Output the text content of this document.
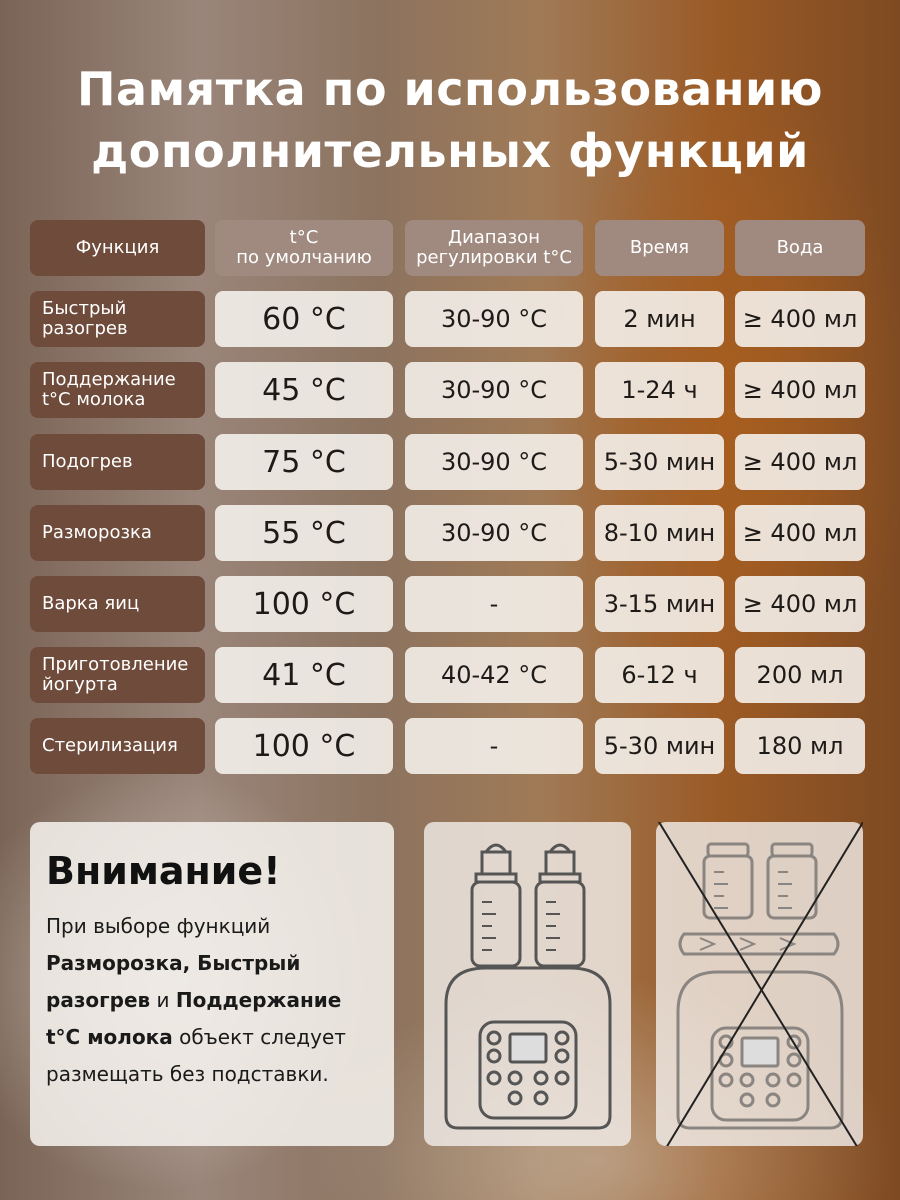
Памятка по использованию
дополнительных функций
Функция	t°C
по умолчанию
Диапазон
регулировки t°C	Время	Вода
Быстрый
разогрев	60 °C	30-90 °C	2 мин	≥ 400 мл
Поддержание
t°C молока	45 °C	30-90 °C	1-24 ч	≥ 400 мл
Подогрев	75 °C	30-90 °C	5-30 мин	≥ 400 мл
Разморозка	55 °C	30-90 °C	8-10 мин	≥ 400 мл
Варка яиц	100 °C	-	3-15 мин	≥ 400 мл
Приготовление
йогурта	41 °C	40-42 °C	6-12 ч	200 мл
Стерилизация	100 °C	-	5-30 мин	180 мл
Внимание!
При выборе функций
Разморозка, Быстрый
разогрев и Поддержание
t°C молока объект следует
размещать без подставки.
